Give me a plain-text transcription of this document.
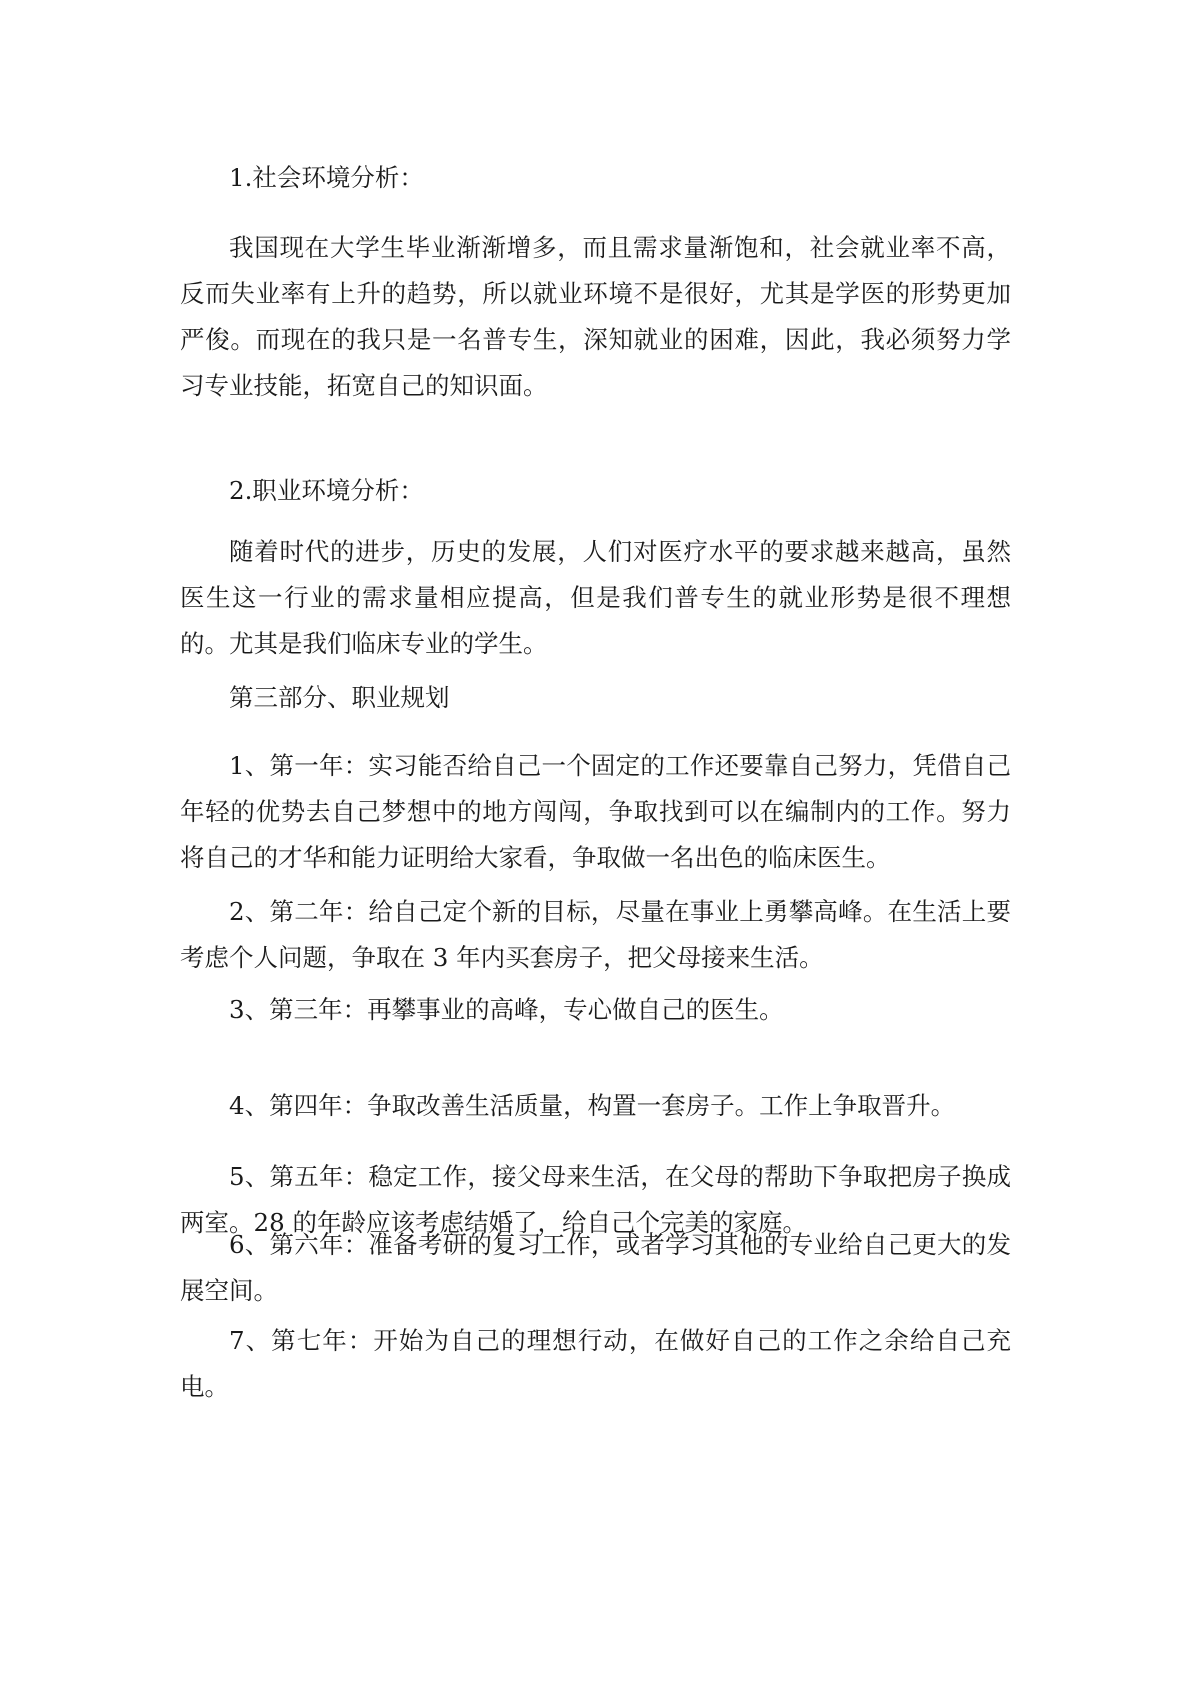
1.社会环境分析：

我国现在大学生毕业渐渐增多，而且需求量渐饱和，社会就业率不高，反而失业率有上升的趋势，所以就业环境不是很好，尤其是学医的形势更加严俊。而现在的我只是一名普专生，深知就业的困难，因此，我必须努力学习专业技能，拓宽自己的知识面。

2.职业环境分析：

随着时代的进步，历史的发展，人们对医疗水平的要求越来越高，虽然医生这一行业的需求量相应提高，但是我们普专生的就业形势是很不理想的。尤其是我们临床专业的学生。

第三部分、职业规划

1、第一年：实习能否给自己一个固定的工作还要靠自己努力，凭借自己年轻的优势去自己梦想中的地方闯闯，争取找到可以在编制内的工作。努力将自己的才华和能力证明给大家看，争取做一名出色的临床医生。

2、第二年：给自己定个新的目标，尽量在事业上勇攀高峰。在生活上要考虑个人问题，争取在 3 年内买套房子，把父母接来生活。

3、第三年：再攀事业的高峰，专心做自己的医生。

4、第四年：争取改善生活质量，构置一套房子。工作上争取晋升。

5、第五年：稳定工作，接父母来生活，在父母的帮助下争取把房子换成两室。28 的年龄应该考虑结婚了，给自己个完美的家庭。

6、第六年：准备考研的复习工作，或者学习其他的专业给自己更大的发展空间。

7、第七年：开始为自己的理想行动，在做好自己的工作之余给自己充电。
